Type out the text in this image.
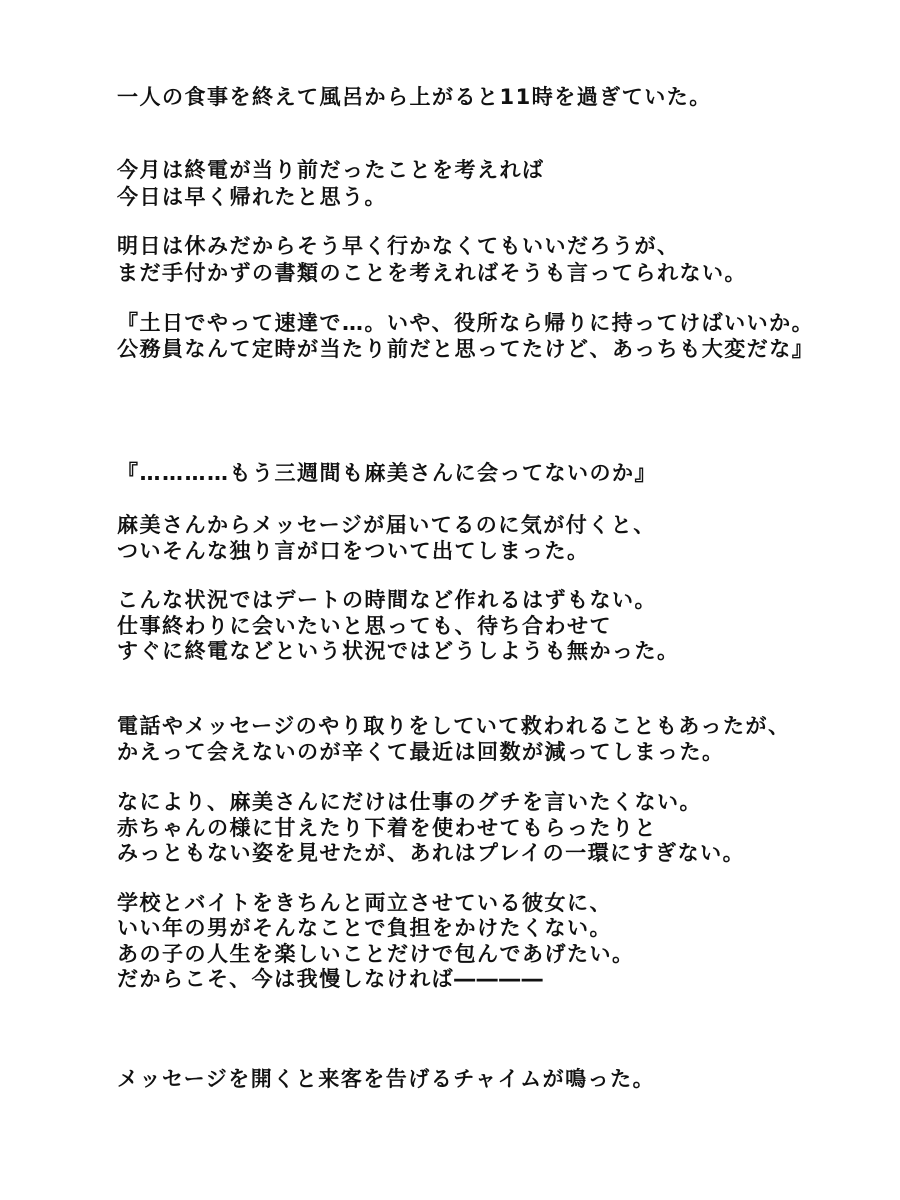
一人の食事を終えて風呂から上がると11時を過ぎていた。

今月は終電が当り前だったことを考えれば

今日は早く帰れたと思う。

明日は休みだからそう早く行かなくてもいいだろうが、

まだ手付かずの書類のことを考えればそうも言ってられない。

『土日でやって速達で…。いや、役所なら帰りに持ってけばいいか。

公務員なんて定時が当たり前だと思ってたけど、あっちも大変だな』

『…………もう三週間も麻美さんに会ってないのか』

麻美さんからメッセージが届いてるのに気が付くと、

ついそんな独り言が口をついて出てしまった。

こんな状況ではデートの時間など作れるはずもない。

仕事終わりに会いたいと思っても、待ち合わせて

すぐに終電などという状況ではどうしようも無かった。

電話やメッセージのやり取りをしていて救われることもあったが、

かえって会えないのが辛くて最近は回数が減ってしまった。

なにより、麻美さんにだけは仕事のグチを言いたくない。

赤ちゃんの様に甘えたり下着を使わせてもらったりと

みっともない姿を見せたが、あれはプレイの一環にすぎない。

学校とバイトをきちんと両立させている彼女に、

いい年の男がそんなことで負担をかけたくない。

あの子の人生を楽しいことだけで包んであげたい。

だからこそ、今は我慢しなければ――――

メッセージを開くと来客を告げるチャイムが鳴った。
